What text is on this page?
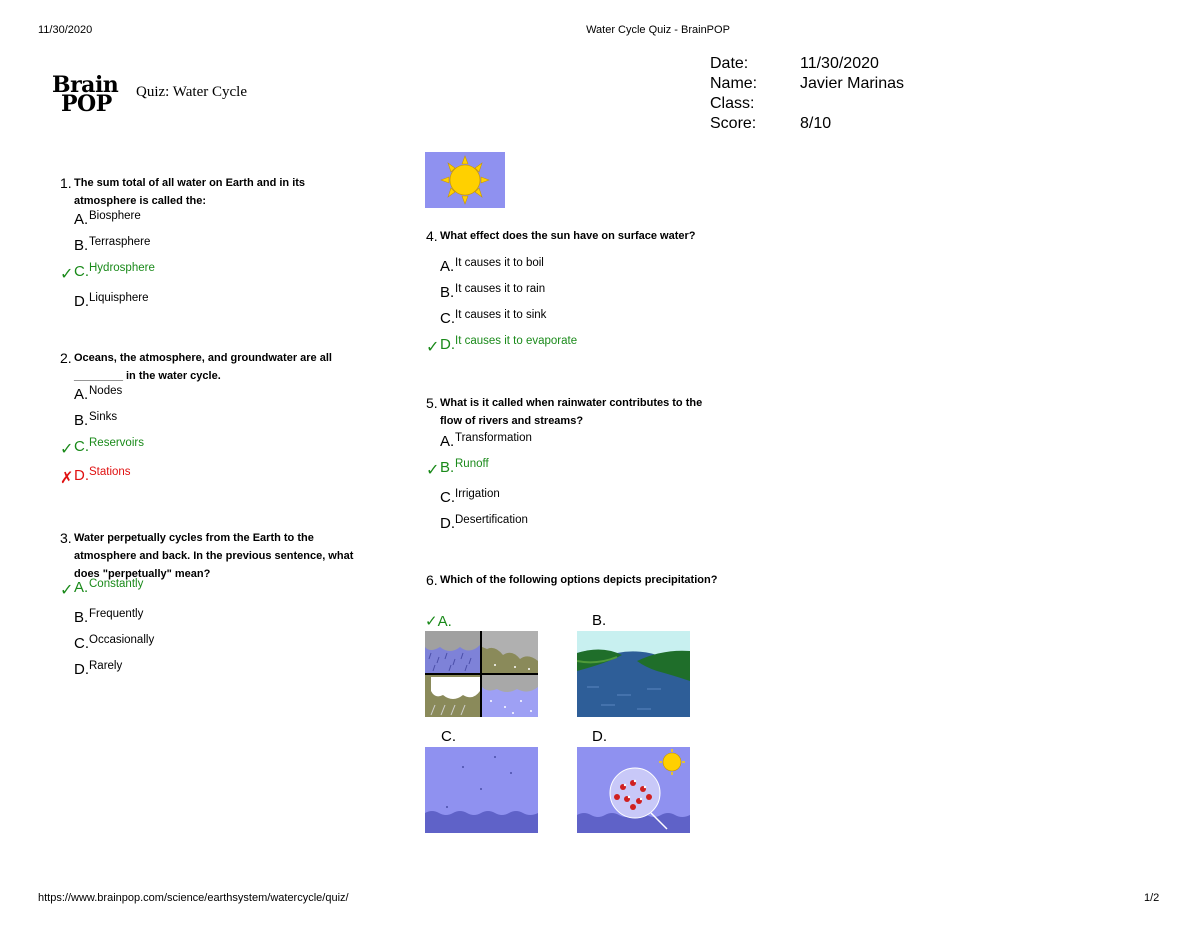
11/30/2020	Water Cycle Quiz - BrainPOP
https://www.brainpop.com/science/earthsystem/watercycle/quiz/	1/2
Brain
POP	Quiz: Water Cycle
Date:	11/30/2020
Name:	Javier Marinas
Class:
Score:	8/10
1. The sum total of all water on Earth and in its atmosphere is called the:
A. Biosphere
B. Terrasphere
✓ C. Hydrosphere
D. Liquisphere
2. Oceans, the atmosphere, and groundwater are all ________ in the water cycle.
A. Nodes
B. Sinks
✓ C. Reservoirs
✗ D. Stations
3. Water perpetually cycles from the Earth to the atmosphere and back. In the previous sentence, what does "perpetually" mean?
✓ A. Constantly
B. Frequently
C. Occasionally
D. Rarely
4. What effect does the sun have on surface water?
A. It causes it to boil
B. It causes it to rain
C. It causes it to sink
✓ D. It causes it to evaporate
5. What is it called when rainwater contributes to the flow of rivers and streams?
A. Transformation
✓ B. Runoff
C. Irrigation
D. Desertification
6. Which of the following options depicts precipitation?
✓A.	B.
C.	D.
